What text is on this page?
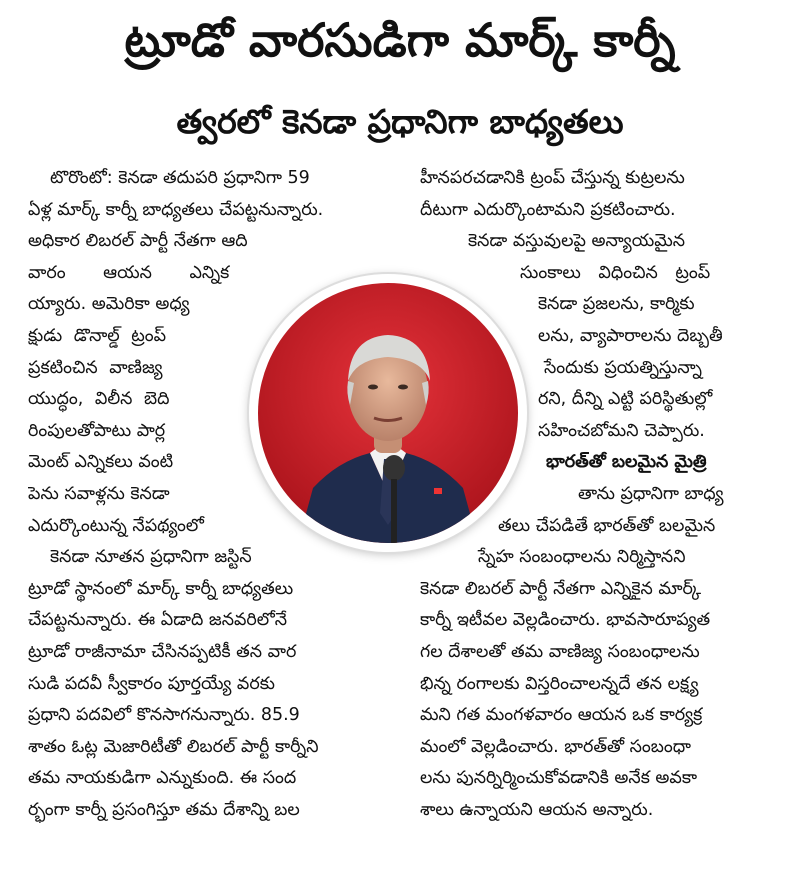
ట్రూడో వారసుడిగా మార్క్ కార్నీ
త్వరలో కెనడా ప్రధానిగా బాధ్యతలు
టొరొంటో: కెనడా తదుపరి ప్రధానిగా 59
ఏళ్ల మార్క్ కార్నీ బాధ్యతలు చేపట్టనున్నారు.
అధికార లిబరల్ పార్టీ నేతగా ఆది
వారం ఆయన ఎన్నిక
య్యారు. అమెరికా అధ్య
క్షుడు డొనాల్డ్ ట్రంప్
ప్రకటించిన వాణిజ్య
యుద్ధం, విలీన బెది
రింపులతోపాటు పార్ల
మెంట్ ఎన్నికలు వంటి
పెను సవాళ్లను కెనడా
ఎదుర్కొంటున్న నేపథ్యంలో
కెనడా నూతన ప్రధానిగా జస్టిన్
ట్రూడో స్థానంలో మార్క్ కార్నీ బాధ్యతలు
చేపట్టనున్నారు. ఈ ఏడాది జనవరిలోనే
ట్రూడో రాజీనామా చేసినప్పటికీ తన వార
సుడి పదవీ స్వీకారం పూర్తయ్యే వరకు
ప్రధాని పదవిలో కొనసాగనున్నారు. 85.9
శాతం ఓట్ల మెజారిటీతో లిబరల్ పార్టీ కార్నీని
తమ నాయకుడిగా ఎన్నుకుంది. ఈ సంద
ర్భంగా కార్నీ ప్రసంగిస్తూ తమ దేశాన్ని బల
హీనపరచడానికి ట్రంప్ చేస్తున్న కుట్రలను
దీటుగా ఎదుర్కొంటామని ప్రకటించారు.
కెనడా వస్తువులపై అన్యాయమైన
సుంకాలు విధించిన ట్రంప్
కెనడా ప్రజలను, కార్మికు
లను, వ్యాపారాలను దెబ్బతీ
సేందుకు ప్రయత్నిస్తున్నా
రని, దీన్ని ఎట్టి పరిస్థితుల్లో
సహించబోమని చెప్పారు.
భారత్‌తో బలమైన మైత్రి
తాను ప్రధానిగా బాధ్య
తలు చేపడితే భారత్‌తో బలమైన
స్నేహ సంబంధాలను నిర్మిస్తానని
కెనడా లిబరల్ పార్టీ నేతగా ఎన్నికైన మార్క్
కార్నీ ఇటీవల వెల్లడించారు. భావసారూప్యత
గల దేశాలతో తమ వాణిజ్య సంబంధాలను
భిన్న రంగాలకు విస్తరించాలన్నదే తన లక్ష్య
మని గత మంగళవారం ఆయన ఒక కార్యక్ర
మంలో వెల్లడించారు. భారత్‌తో సంబంధా
లను పునర్నిర్మించుకోవడానికి అనేక అవకా
శాలు ఉన్నాయని ఆయన అన్నారు.
